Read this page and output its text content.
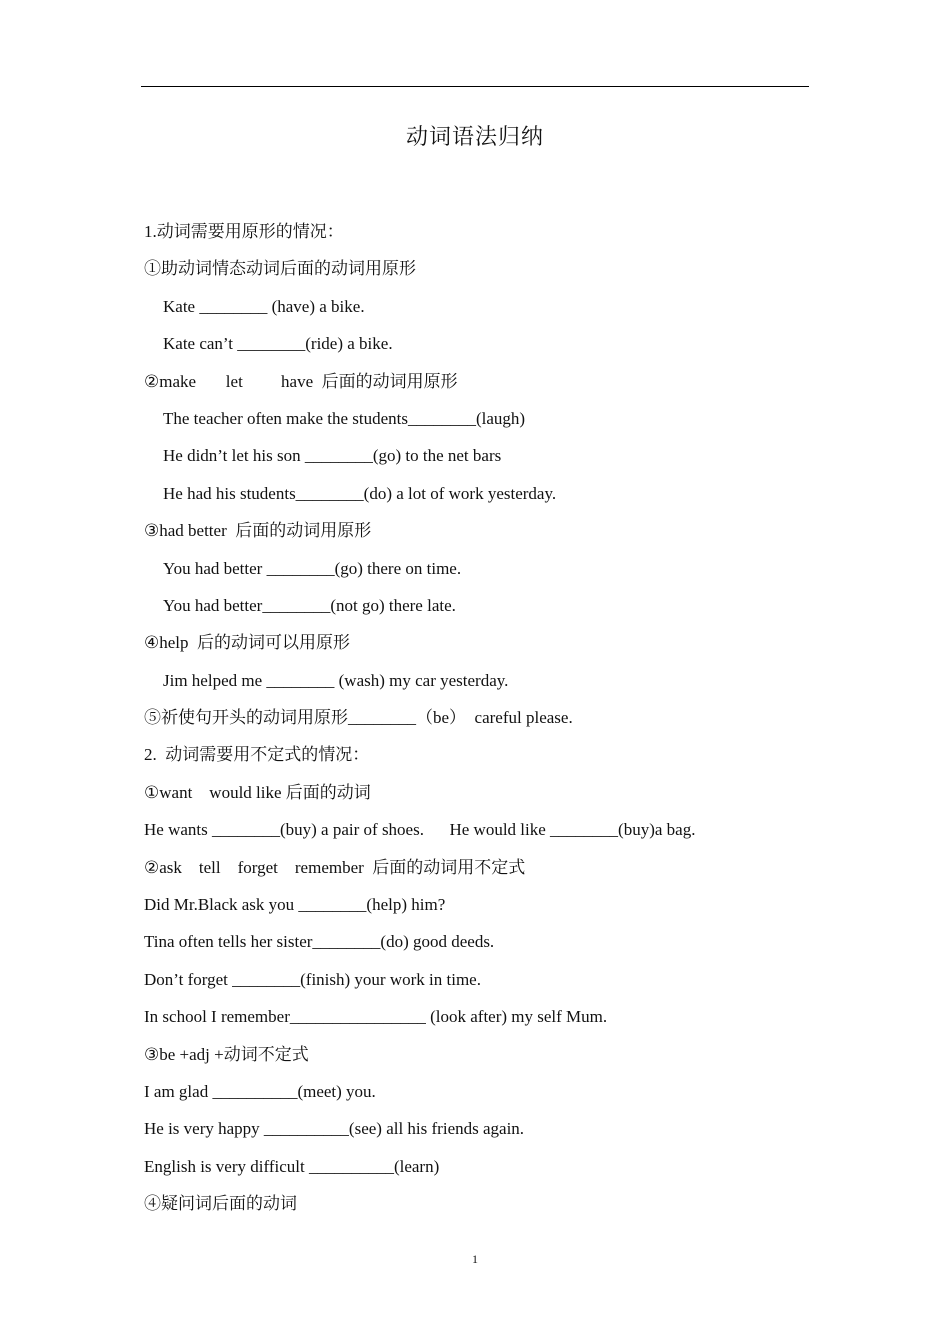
动词语法归纳
1.动词需要用原形的情况：
①助动词情态动词后面的动词用原形
Kate ________ (have) a bike.
Kate can’t ________(ride) a bike.
②make       let         have  后面的动词用原形
The teacher often make the students________(laugh)
He didn’t let his son ________(go) to the net bars
He had his students________(do) a lot of work yesterday.
③had better  后面的动词用原形
You had better ________(go) there on time.
You had better________(not go) there late.
④help  后的动词可以用原形
Jim helped me ________ (wash) my car yesterday.
⑤祈使句开头的动词用原形________（be）  careful please.
2.  动词需要用不定式的情况：
①want    would like 后面的动词
He wants ________(buy) a pair of shoes.      He would like ________(buy)a bag.
②ask    tell    forget    remember  后面的动词用不定式
Did Mr.Black ask you ________(help) him?
Tina often tells her sister________(do) good deeds.
Don’t forget ________(finish) your work in time.
In school I remember________________ (look after) my self Mum.
③be +adj +动词不定式
I am glad __________(meet) you.
He is very happy __________(see) all his friends again.
English is very difficult __________(learn)
④疑问词后面的动词
1
